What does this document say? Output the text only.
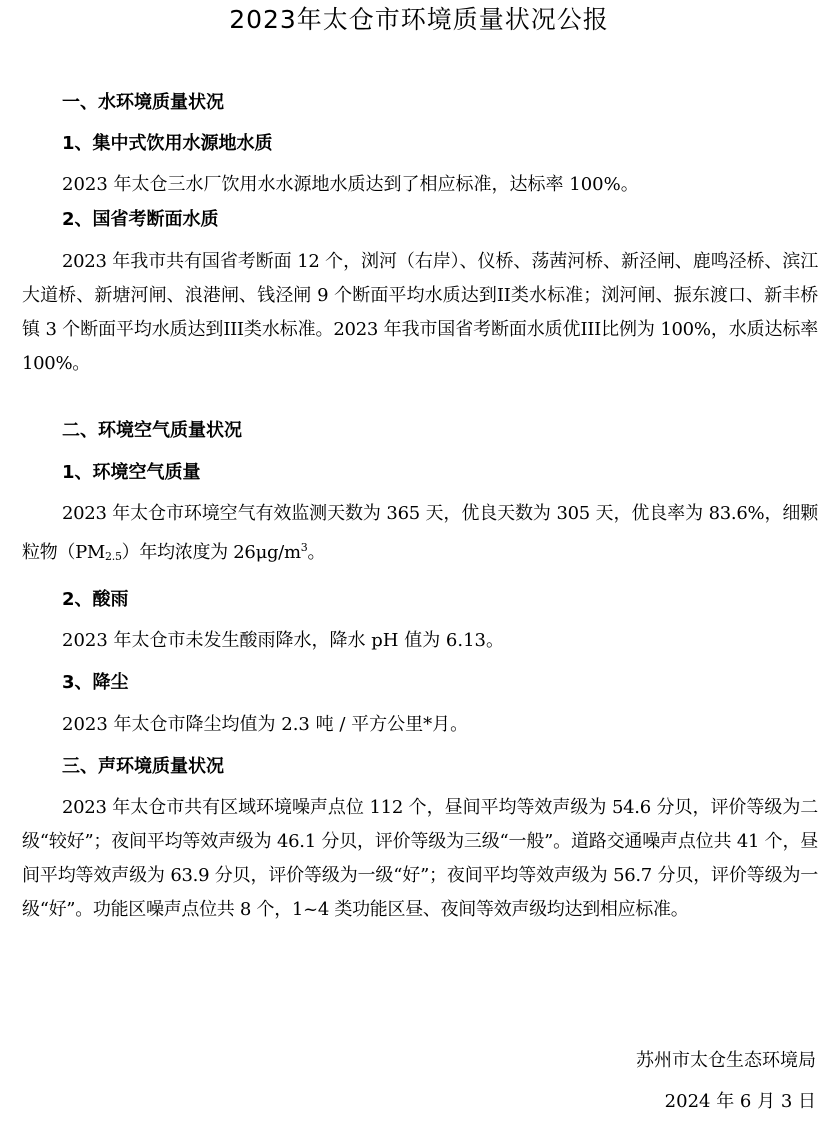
2023年太仓市环境质量状况公报
一、水环境质量状况
1、集中式饮用水源地水质
2023 年太仓三水厂饮用水水源地水质达到了相应标准，达标率 100%。
2、国省考断面水质
2023 年我市共有国省考断面 12 个，浏河（右岸）、仪桥、荡茜河桥、新泾闸、鹿鸣泾桥、滨江大道桥、新塘河闸、浪港闸、钱泾闸 9 个断面平均水质达到II类水标准；浏河闸、振东渡口、新丰桥镇 3 个断面平均水质达到III类水标准。2023 年我市国省考断面水质优III比例为 100%，水质达标率 100%。
二、环境空气质量状况
1、环境空气质量
2023 年太仓市环境空气有效监测天数为 365 天，优良天数为 305 天，优良率为 83.6%，细颗粒物（PM2.5）年均浓度为 $26\mu g/m^3$。
2、酸雨
2023 年太仓市未发生酸雨降水，降水 pH 值为 6.13。
3、降尘
2023 年太仓市降尘均值为 2.3 吨 / 平方公里*月。
三、声环境质量状况
2023 年太仓市共有区域环境噪声点位 112 个，昼间平均等效声级为 54.6 分贝，评价等级为二级“较好”；夜间平均等效声级为 46.1 分贝，评价等级为三级“一般”。道路交通噪声点位共 41 个，昼间平均等效声级为 63.9 分贝，评价等级为一级“好”；夜间平均等效声级为 56.7 分贝，评价等级为一级“好”。功能区噪声点位共 8 个，1~4 类功能区昼、夜间等效声级均达到相应标准。
苏州市太仓生态环境局
2024 年 6 月 3 日
